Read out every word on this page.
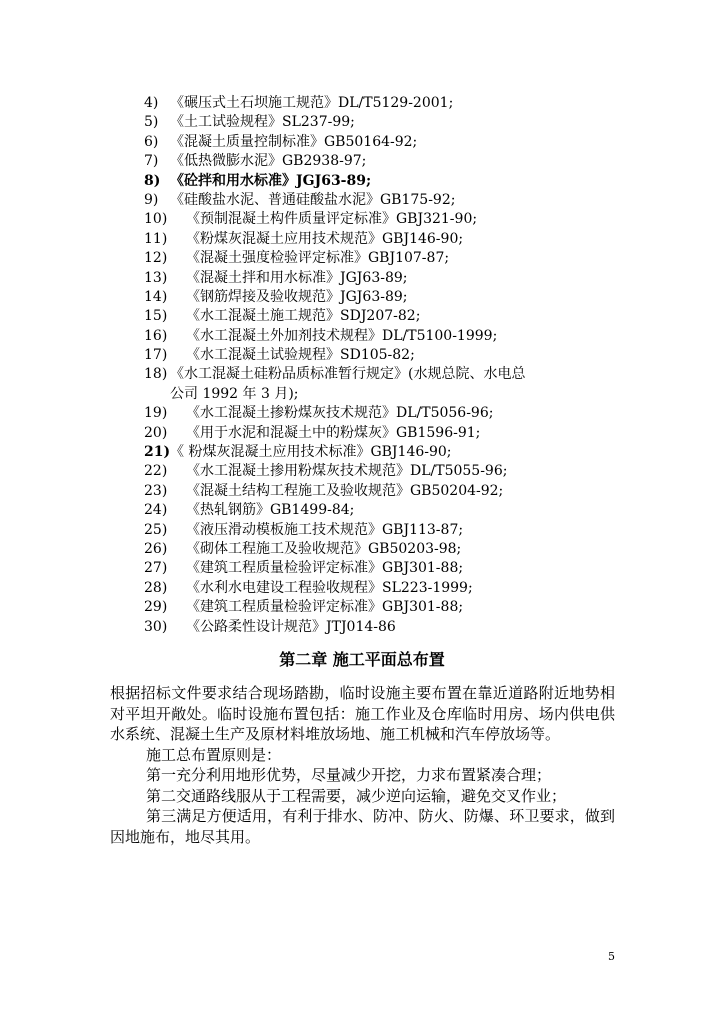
4) 《碾压式土石坝施工规范》DL/T5129-2001;
5) 《土工试验规程》SL237-99;
6) 《混凝土质量控制标准》GB50164-92;
7) 《低热微膨水泥》GB2938-97;
8) 《砼拌和用水标准》JGJ63-89;
9) 《硅酸盐水泥、普通硅酸盐水泥》GB175-92;
10)	《预制混凝土构件质量评定标准》GBJ321-90;
11)	《粉煤灰混凝土应用技术规范》GBJ146-90;
12)	《混凝土强度检验评定标准》GBJ107-87;
13)	《混凝土拌和用水标准》JGJ63-89;
14)	《钢筋焊接及验收规范》JGJ63-89;
15)	《水工混凝土施工规范》SDJ207-82;
16)	《水工混凝土外加剂技术规程》DL/T5100-1999;
17)	《水工混凝土试验规程》SD105-82;
18) 《水工混凝土硅粉品质标准暂行规定》(水规总院、水电总
公司 1992 年 3 月);
19)	《水工混凝土掺粉煤灰技术规范》DL/T5056-96;
20)	《用于水泥和混凝土中的粉煤灰》GB1596-91;
21) 《 粉煤灰混凝土应用技术标准》GBJ146-90;
22)	《水工混凝土掺用粉煤灰技术规范》DL/T5055-96;
23)	《混凝土结构工程施工及验收规范》GB50204-92;
24)	《热轧钢筋》GB1499-84;
25)	《液压滑动模板施工技术规范》GBJ113-87;
26)	《砌体工程施工及验收规范》GB50203-98;
27)	《建筑工程质量检验评定标准》GBJ301-88;
28)	《水利水电建设工程验收规程》SL223-1999;
29)	《建筑工程质量检验评定标准》GBJ301-88;
30)	《公路柔性设计规范》JTJ014-86
第二章 施工平面总布置

根据招标文件要求结合现场踏勘，临时设施主要布置在靠近道路附近地势相对平坦开敞处。临时设施布置包括：施工作业及仓库临时用房、场内供电供水系统、混凝土生产及原材料堆放场地、施工机械和汽车停放场等。

施工总布置原则是：

第一充分利用地形优势，尽量减少开挖，力求布置紧凑合理；

第二交通路线服从于工程需要，减少逆向运输，避免交叉作业；

第三满足方便适用，有利于排水、防冲、防火、防爆、环卫要求，做到因地施布，地尽其用。

5
